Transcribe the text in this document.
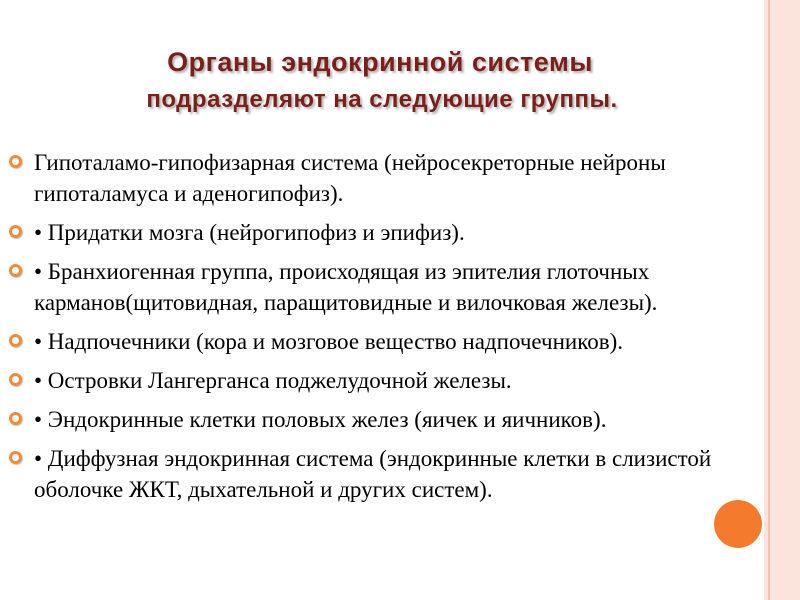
Органы эндокринной системы
подразделяют на следующие группы.
Гипоталамо-гипофизарная система (нейросекреторные нейроны гипоталамуса и аденогипофиз).
• Придатки мозга (нейрогипофиз и эпифиз).
• Бранхиогенная группа, происходящая из эпителия глоточных карманов(щитовидная, паращитовидные и вилочковая железы).
• Надпочечники (кора и мозговое вещество надпочечников).
• Островки Лангерганса поджелудочной железы.
• Эндокринные клетки половых желез (яичек и яичников).
• Диффузная эндокринная система (эндокринные клетки в слизистой оболочке ЖКТ, дыхательной и других систем).
